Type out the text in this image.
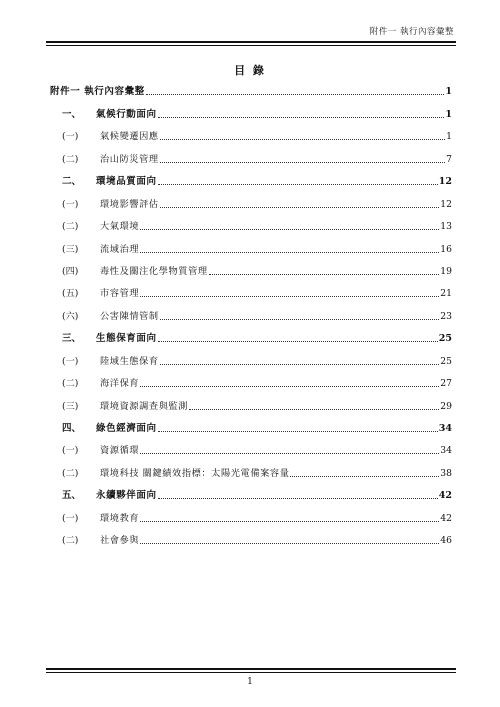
附件一 執行內容彙整
目 錄
附件一 執行內容彙整	1
一、	氣候行動面向	1
(一)	氣候變遷因應	1
(二)	治山防災管理	7
二、	環境品質面向	12
(一)	環境影響評估	12
(二)	大氣環境	13
(三)	流域治理	16
(四)	毒性及關注化學物質管理	19
(五)	市容管理	21
(六)	公害陳情管制	23
三、	生態保育面向	25
(一)	陸域生態保育	25
(二)	海洋保育	27
(三)	環境資源調查與監測	29
四、	綠色經濟面向	34
(一)	資源循環	34
(二)	環境科技 關鍵績效指標：太陽光電備案容量	38
五、	永續夥伴面向	42
(一)	環境教育	42
(二)	社會參與	46
1
